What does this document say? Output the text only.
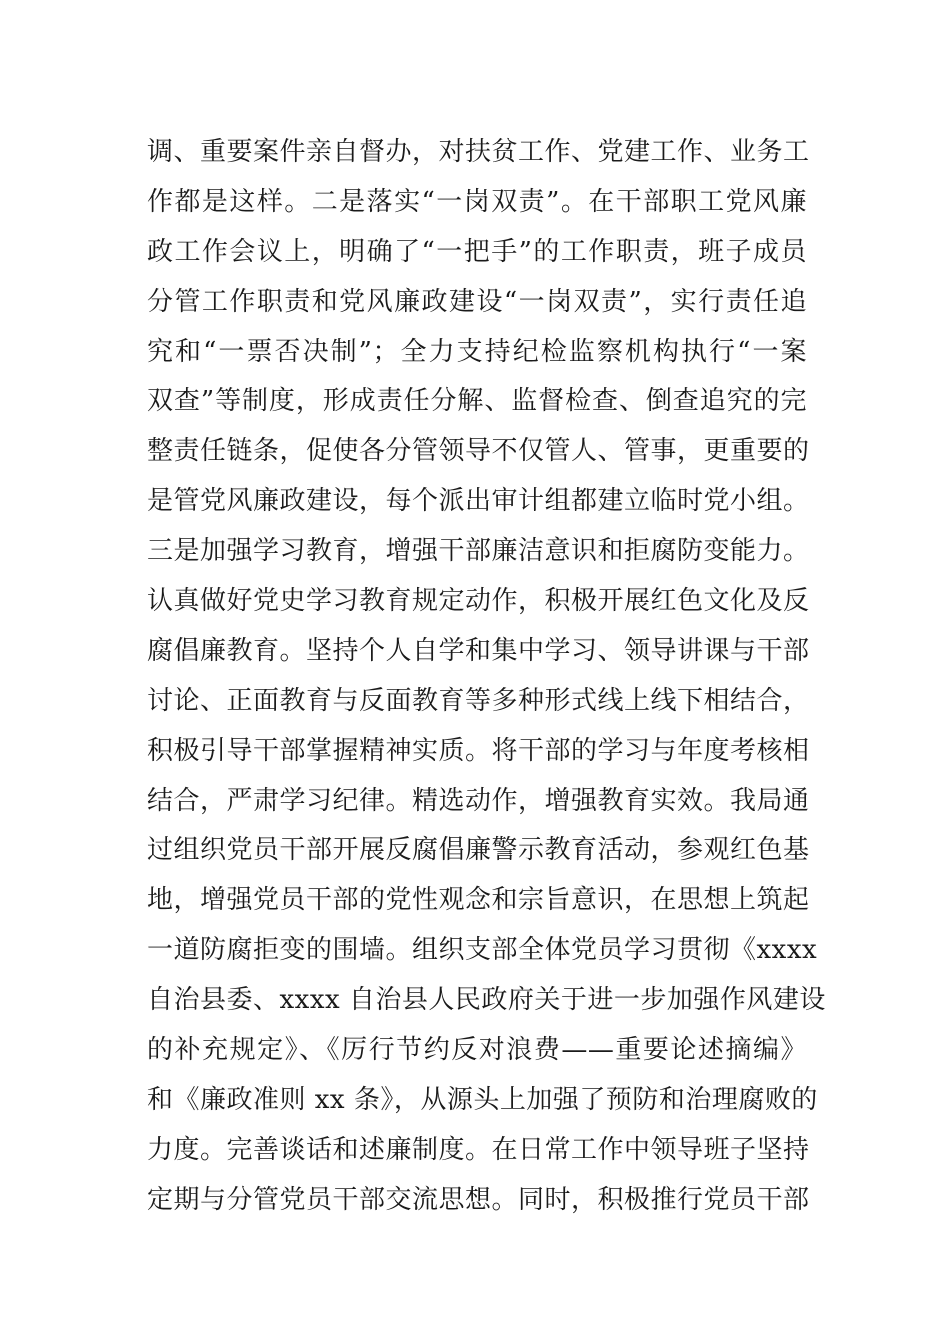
调、重要案件亲自督办，对扶贫工作、党建工作、业务工
作都是这样。二是落实“一岗双责”。在干部职工党风廉
政工作会议上，明确了“一把手”的工作职责，班子成员
分管工作职责和党风廉政建设“一岗双责”，实行责任追
究和“一票否决制”；全力支持纪检监察机构执行“一案
双查”等制度，形成责任分解、监督检查、倒查追究的完
整责任链条，促使各分管领导不仅管人、管事，更重要的
是管党风廉政建设，每个派出审计组都建立临时党小组。
三是加强学习教育，增强干部廉洁意识和拒腐防变能力。
认真做好党史学习教育规定动作，积极开展红色文化及反
腐倡廉教育。坚持个人自学和集中学习、领导讲课与干部
讨论、正面教育与反面教育等多种形式线上线下相结合，
积极引导干部掌握精神实质。将干部的学习与年度考核相
结合，严肃学习纪律。精选动作，增强教育实效。我局通
过组织党员干部开展反腐倡廉警示教育活动，参观红色基
地，增强党员干部的党性观念和宗旨意识，在思想上筑起
一道防腐拒变的围墙。组织支部全体党员学习贯彻《xxxx
自治县委、xxxx 自治县人民政府关于进一步加强作风建设
的补充规定》、《厉行节约反对浪费——重要论述摘编》
和《廉政准则 xx 条》，从源头上加强了预防和治理腐败的
力度。完善谈话和述廉制度。在日常工作中领导班子坚持
定期与分管党员干部交流思想。同时，积极推行党员干部
